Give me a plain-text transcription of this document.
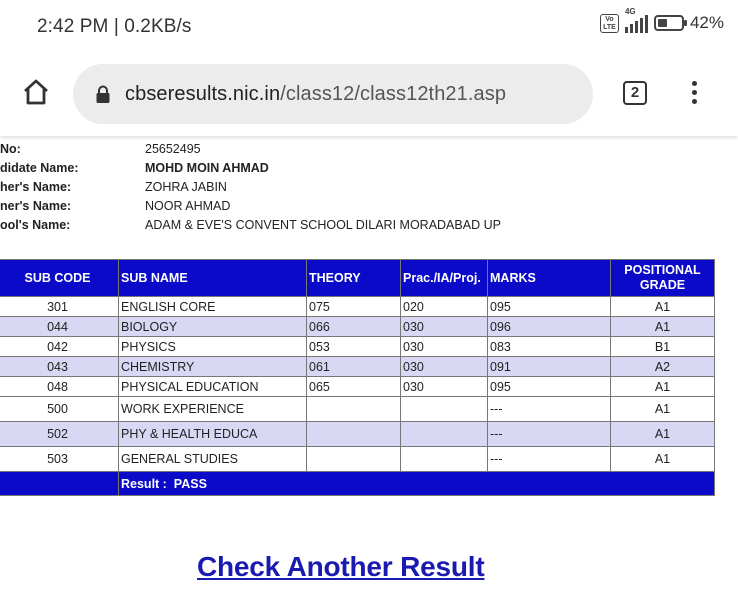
2:42 PM | 0.2KB/s	Vo LTE
4G
42%
cbseresults.nic.in/class12/class12th21.asp	2
No:	25652495
didate Name:	MOHD MOIN AHMAD
her's Name:	ZOHRA JABIN
ner's Name:	NOOR AHMAD
ool's Name:	ADAM & EVE'S CONVENT SCHOOL DILARI MORADABAD UP
SUB CODE	SUB NAME	THEORY	Prac./IA/Proj.	MARKS	POSITIONAL
GRADE
301	ENGLISH CORE	075	020	095	A1
044	BIOLOGY	066	030	096	A1
042	PHYSICS	053	030	083	B1
043	CHEMISTRY	061	030	091	A2
048	PHYSICAL EDUCATION	065	030	095	A1
500	WORK EXPERIENCE			---	A1
502	PHY & HEALTH EDUCA			---	A1
503	GENERAL STUDIES			---	A1
	Result : PASS				
Check Another Result
